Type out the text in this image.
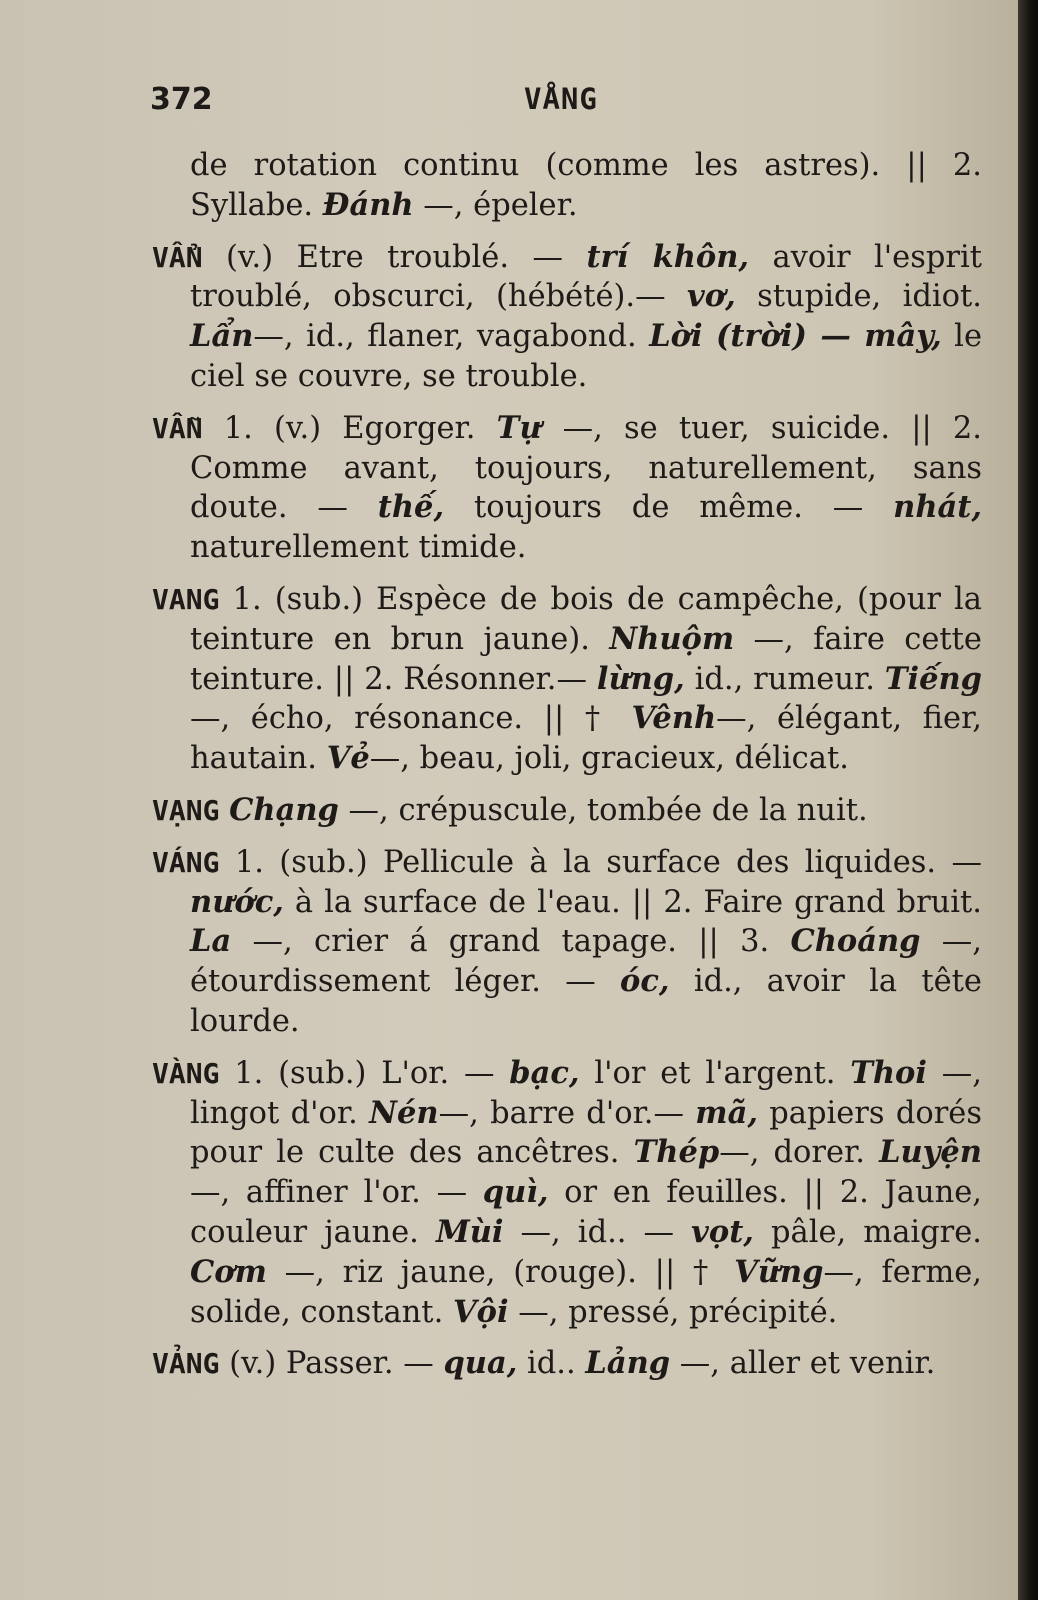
372	VÅNG

de rotation continu (comme les astres). || 2. Syllabe. Đánh —, épeler.

VẨN (v.) Etre troublé. — trí khôn, avoir l'esprit troublé, obscurci, (hébété).— vơ, stupide, idiot. Lẩn—, id., flaner, vagabond. Lời (trời) — mây, le ciel se couvre, se trouble.

VẪN 1. (v.) Egorger. Tự —, se tuer, suicide. || 2. Comme avant, toujours, naturellement, sans doute. — thế, toujours de même. — nhát, naturellement timide.

VANG 1. (sub.) Espèce de bois de campêche, (pour la teinture en brun jaune). Nhuộm —, faire cette teinture. || 2. Résonner.— lừng, id., rumeur. Tiếng—, écho, résonance. || † Vênh—, élégant, fier, hautain. Vẻ—, beau, joli, gracieux, délicat.

VẠNG Chạng —, crépuscule, tombée de la nuit.

VÁNG 1. (sub.) Pellicule à la surface des liquides. — nước, à la surface de l'eau. || 2. Faire grand bruit. La —, crier á grand tapage. || 3. Choáng —, étourdissement léger. — óc, id., avoir la tête lourde.

VÀNG 1. (sub.) L'or. — bạc, l'or et l'argent. Thoi —, lingot d'or. Nén—, barre d'or.— mã, papiers dorés pour le culte des ancêtres. Thép—, dorer. Luyện —, affiner l'or. — quì, or en feuilles. || 2. Jaune, couleur jaune. Mùi —, id.. — vọt, pâle, maigre. Cơm —, riz jaune, (rouge). || † Vững—, ferme, solide, constant. Vội —, pressé, précipité.

VẢNG (v.) Passer. — qua, id.. Lảng —, aller et venir.
